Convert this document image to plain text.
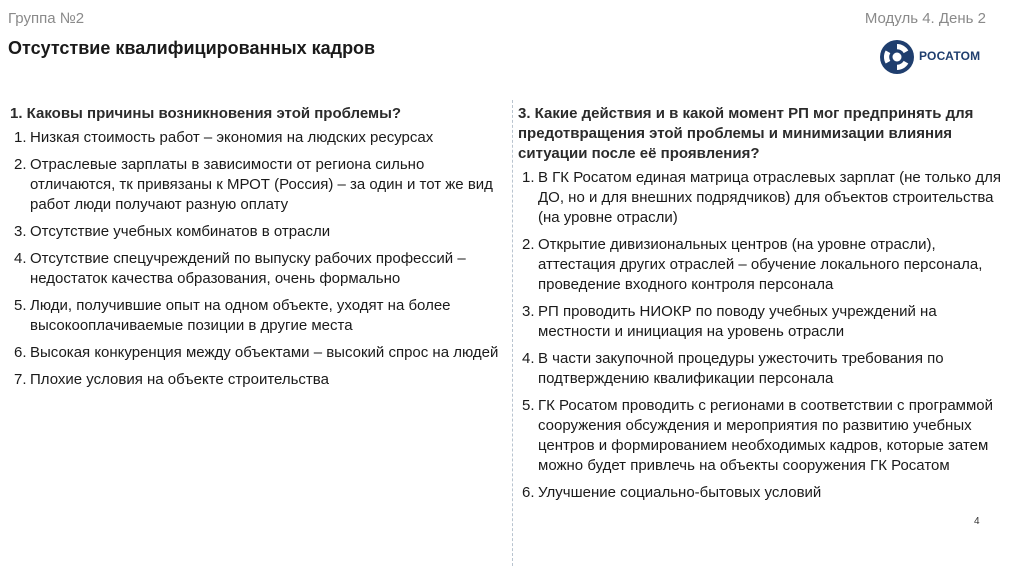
Группа №2	Модуль 4. День 2
Отсутствие квалифицированных кадров	РОСАТОМ
1. Каковы причины возникновения этой проблемы?
1. Низкая стоимость работ – экономия на людских ресурсах
2. Отраслевые зарплаты в зависимости от региона сильно отличаются, тк привязаны к МРОТ (Россия) – за один и тот же вид работ люди получают разную оплату
3. Отсутствие учебных комбинатов в отрасли
4. Отсутствие спецучреждений по выпуску рабочих профессий – недостаток качества образования, очень формально
5. Люди, получившие опыт на одном объекте, уходят на более высокооплачиваемые позиции в другие места
6. Высокая конкуренция между объектами – высокий спрос на людей
7. Плохие условия на объекте строительства
3. Какие действия и в какой момент РП мог предпринять для предотвращения этой проблемы и минимизации влияния ситуации после её проявления?
1. В ГК Росатом единая матрица отраслевых зарплат (не только для ДО, но и для внешних подрядчиков) для объектов строительства (на уровне отрасли)
2. Открытие дивизиональных центров (на уровне отрасли), аттестация других отраслей – обучение локального персонала, проведение входного контроля персонала
3. РП проводить НИОКР по поводу учебных учреждений на местности и инициация на уровень отрасли
4. В части закупочной процедуры ужесточить требования по подтверждению квалификации персонала
5. ГК Росатом проводить с регионами в соответствии с программой сооружения обсуждения и мероприятия по развитию учебных центров и формированием необходимых кадров, которые затем можно будет привлечь на объекты сооружения ГК Росатом
6. Улучшение социально-бытовых условий
4
